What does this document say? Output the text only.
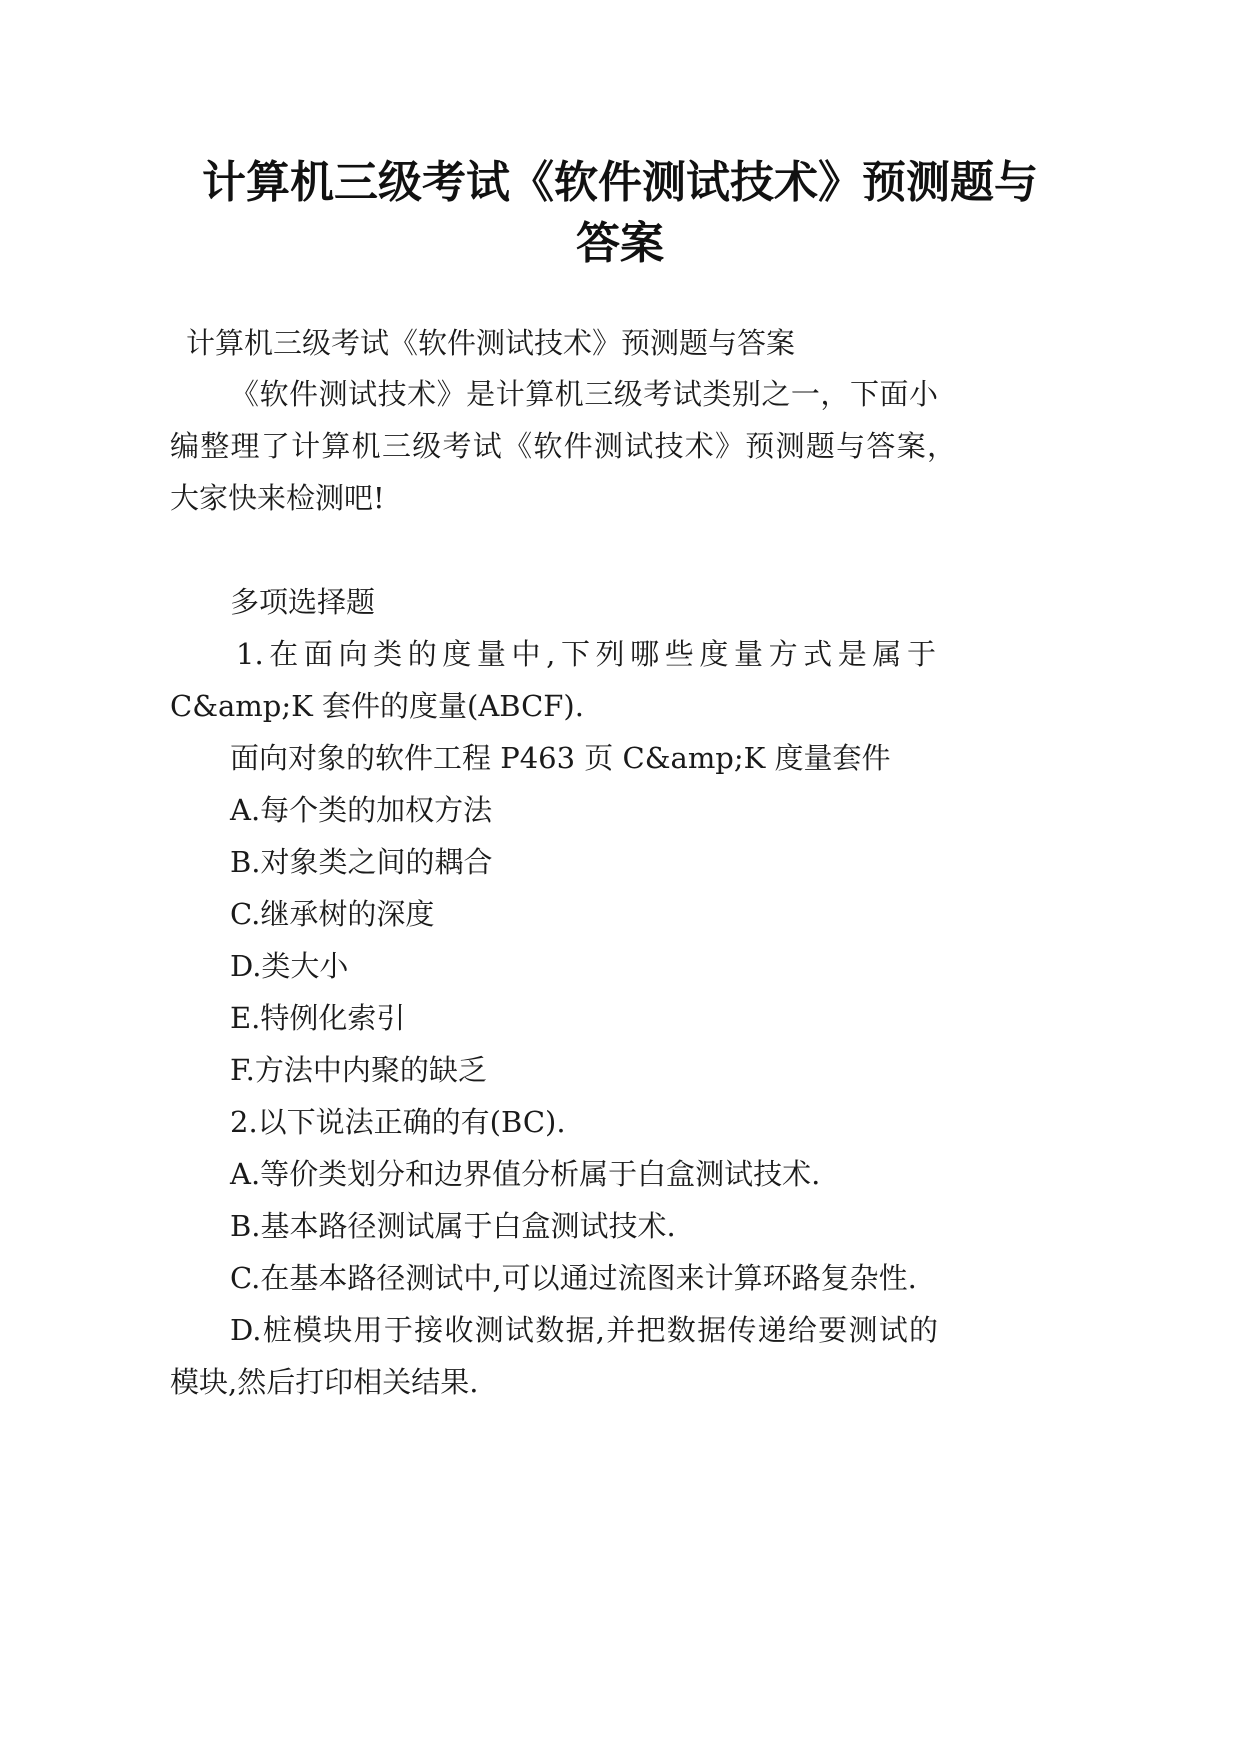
计算机三级考试《软件测试技术》预测题与
答案
计算机三级考试《软件测试技术》预测题与答案
《软件测试技术》是计算机三级考试类别之一，下面小
编整理了计算机三级考试《软件测试技术》预测题与答案，
大家快来检测吧!
多项选择题
1.在面向类的度量中,下列哪些度量方式是属于
C&amp;K 套件的度量(ABCF).
面向对象的软件工程 P463 页 C&amp;K 度量套件
A.每个类的加权方法
B.对象类之间的耦合
C.继承树的深度
D.类大小
E.特例化索引
F.方法中内聚的缺乏
2.以下说法正确的有(BC).
A.等价类划分和边界值分析属于白盒测试技术.
B.基本路径测试属于白盒测试技术.
C.在基本路径测试中,可以通过流图来计算环路复杂性.
D.桩模块用于接收测试数据,并把数据传递给要测试的
模块,然后打印相关结果.
